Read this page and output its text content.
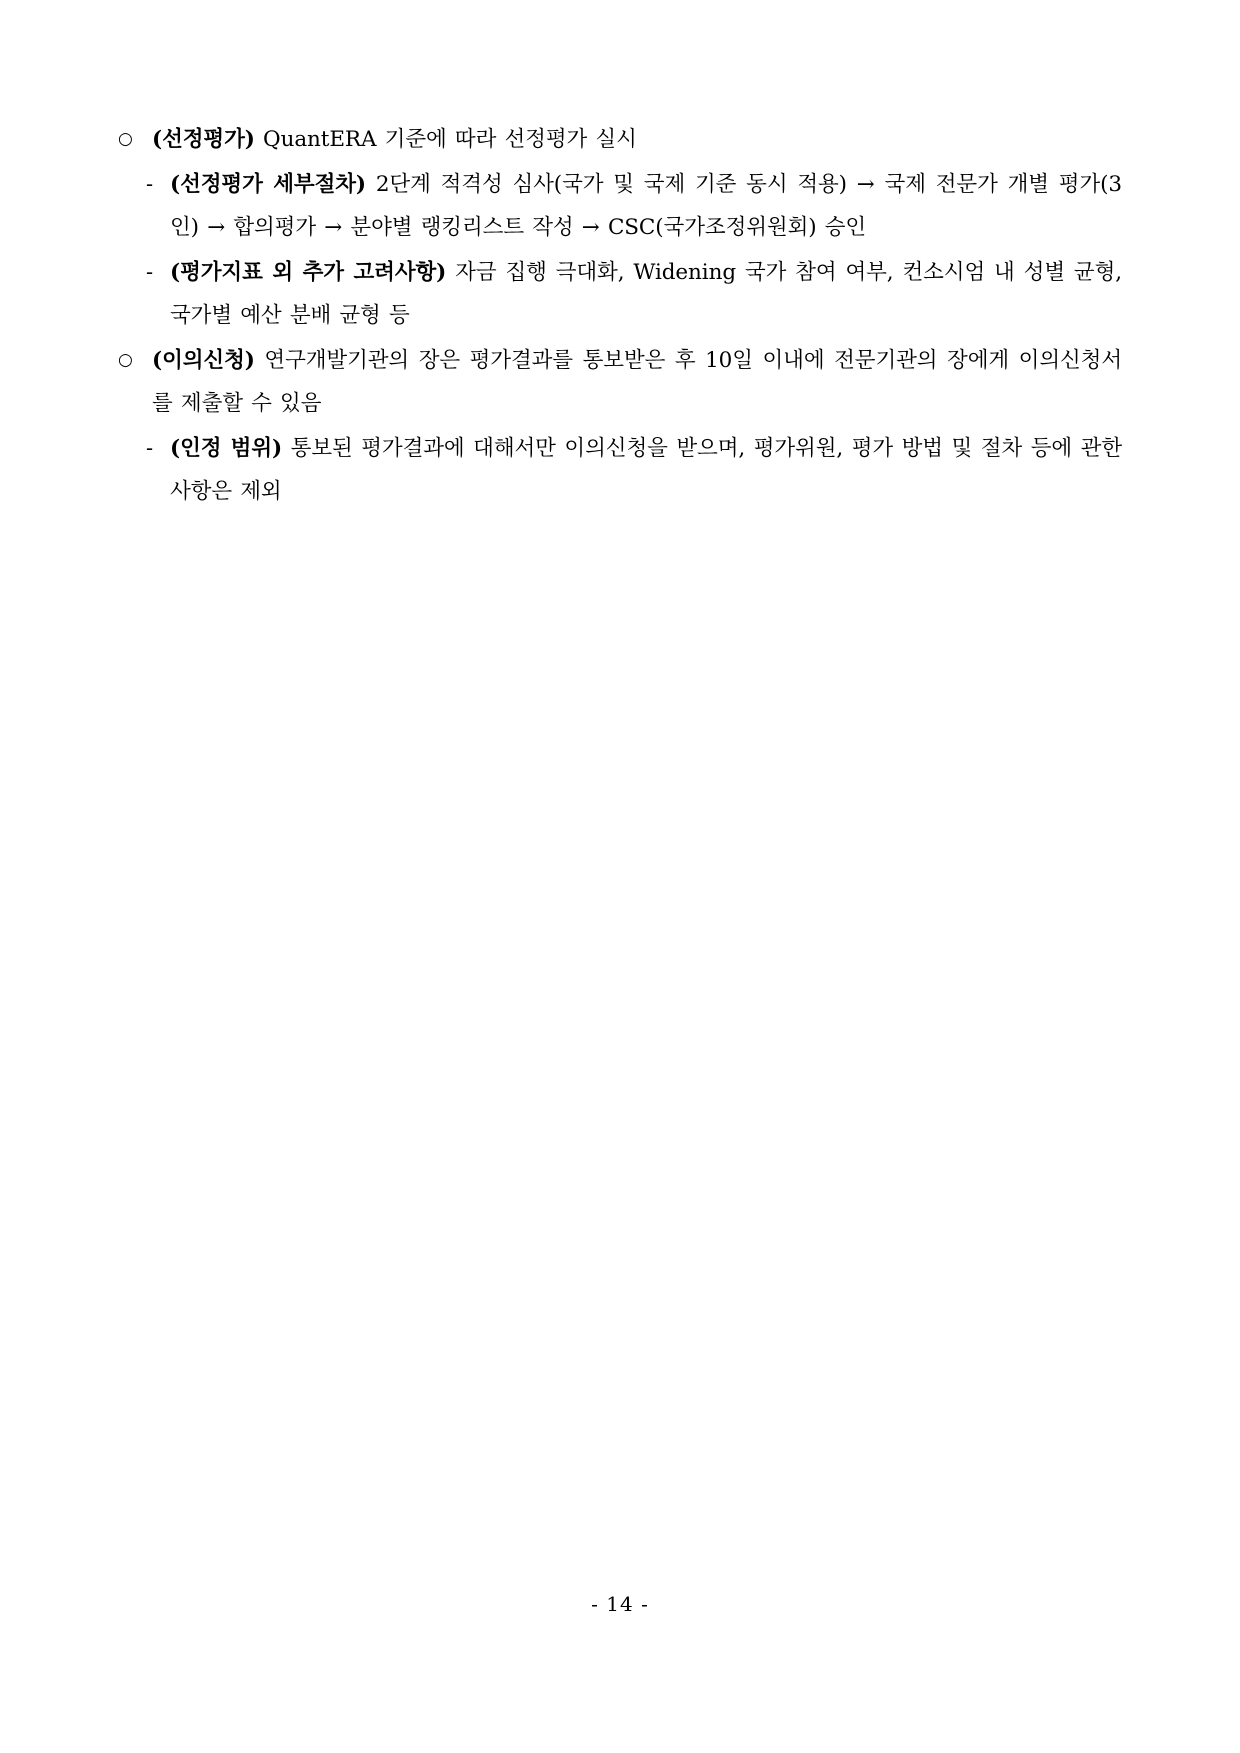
○ (선정평가) QuantERA 기준에 따라 선정평가 실시
- (선정평가 세부절차) 2단계 적격성 심사(국가 및 국제 기준 동시 적용) → 국제 전문가 개별 평가(3인) → 합의평가 → 분야별 랭킹리스트 작성 → CSC(국가조정위원회) 승인
- (평가지표 외 추가 고려사항) 자금 집행 극대화, Widening 국가 참여 여부, 컨소시엄 내 성별 균형, 국가별 예산 분배 균형 등
○ (이의신청) 연구개발기관의 장은 평가결과를 통보받은 후 10일 이내에 전문기관의 장에게 이의신청서를 제출할 수 있음
- (인정 범위) 통보된 평가결과에 대해서만 이의신청을 받으며, 평가위원, 평가 방법 및 절차 등에 관한 사항은 제외
- 14 -
